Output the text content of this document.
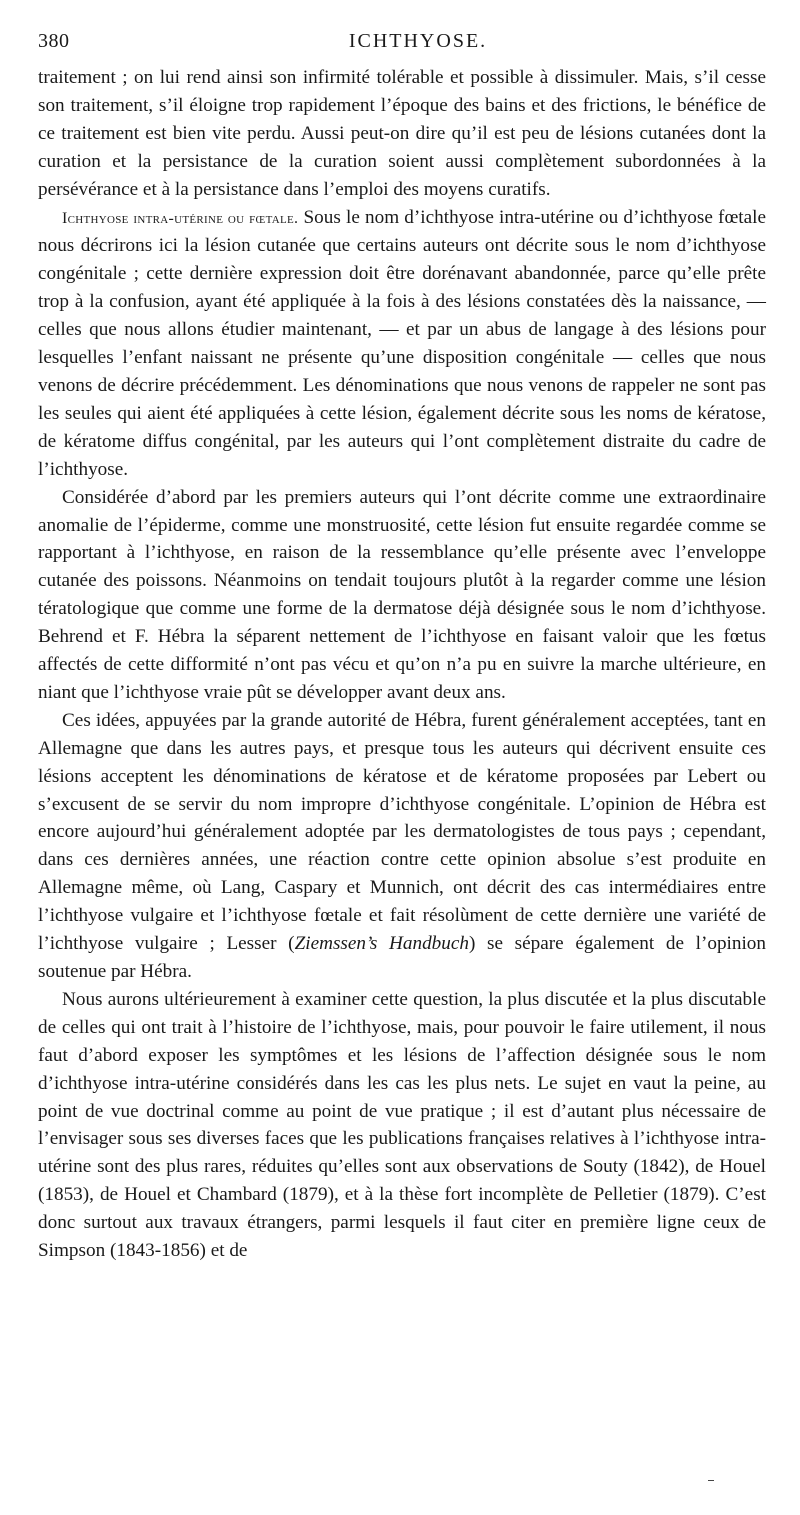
380	ICHTHYOSE.

traitement ; on lui rend ainsi son infirmité tolérable et possible à dissimuler. Mais, s’il cesse son traitement, s’il éloigne trop rapidement l’époque des bains et des frictions, le bénéfice de ce traitement est bien vite perdu. Aussi peut-on dire qu’il est peu de lésions cutanées dont la curation et la persistance de la curation soient aussi complètement subordonnées à la persévérance et à la persistance dans l’emploi des moyens curatifs.

Ichthyose intra-utérine ou fœtale. Sous le nom d’ichthyose intra-utérine ou d’ichthyose fœtale nous décrirons ici la lésion cutanée que certains auteurs ont décrite sous le nom d’ichthyose congénitale ; cette dernière expression doit être dorénavant abandonnée, parce qu’elle prête trop à la confusion, ayant été appliquée à la fois à des lésions constatées dès la naissance, — celles que nous allons étudier maintenant, — et par un abus de langage à des lésions pour lesquelles l’enfant naissant ne présente qu’une disposition congénitale — celles que nous venons de décrire précédemment. Les dénominations que nous venons de rappeler ne sont pas les seules qui aient été appliquées à cette lésion, également décrite sous les noms de kératose, de kératome diffus congénital, par les auteurs qui l’ont complètement distraite du cadre de l’ichthyose.

Considérée d’abord par les premiers auteurs qui l’ont décrite comme une extraordinaire anomalie de l’épiderme, comme une monstruosité, cette lésion fut ensuite regardée comme se rapportant à l’ichthyose, en raison de la ressemblance qu’elle présente avec l’enveloppe cutanée des poissons. Néanmoins on tendait toujours plutôt à la regarder comme une lésion tératologique que comme une forme de la dermatose déjà désignée sous le nom d’ichthyose. Behrend et F. Hébra la séparent nettement de l’ichthyose en faisant valoir que les fœtus affectés de cette difformité n’ont pas vécu et qu’on n’a pu en suivre la marche ultérieure, en niant que l’ichthyose vraie pût se développer avant deux ans.

Ces idées, appuyées par la grande autorité de Hébra, furent généralement acceptées, tant en Allemagne que dans les autres pays, et presque tous les auteurs qui décrivent ensuite ces lésions acceptent les dénominations de kératose et de kératome proposées par Lebert ou s’excusent de se servir du nom impropre d’ichthyose congénitale. L’opinion de Hébra est encore aujourd’hui généralement adoptée par les dermatologistes de tous pays ; cependant, dans ces dernières années, une réaction contre cette opinion absolue s’est produite en Allemagne même, où Lang, Caspary et Munnich, ont décrit des cas intermédiaires entre l’ichthyose vulgaire et l’ichthyose fœtale et fait résolùment de cette dernière une variété de l’ichthyose vulgaire ; Lesser (Ziemssen’s Handbuch) se sépare également de l’opinion soutenue par Hébra.

Nous aurons ultérieurement à examiner cette question, la plus discutée et la plus discutable de celles qui ont trait à l’histoire de l’ichthyose, mais, pour pouvoir le faire utilement, il nous faut d’abord exposer les symptômes et les lésions de l’affection désignée sous le nom d’ichthyose intra-utérine considérés dans les cas les plus nets. Le sujet en vaut la peine, au point de vue doctrinal comme au point de vue pratique ; il est d’autant plus nécessaire de l’envisager sous ses diverses faces que les publications françaises relatives à l’ichthyose intra-utérine sont des plus rares, réduites qu’elles sont aux observations de Souty (1842), de Houel (1853), de Houel et Chambard (1879), et à la thèse fort incomplète de Pelletier (1879). C’est donc surtout aux travaux étrangers, parmi lesquels il faut citer en première ligne ceux de Simpson (1843-1856) et de
